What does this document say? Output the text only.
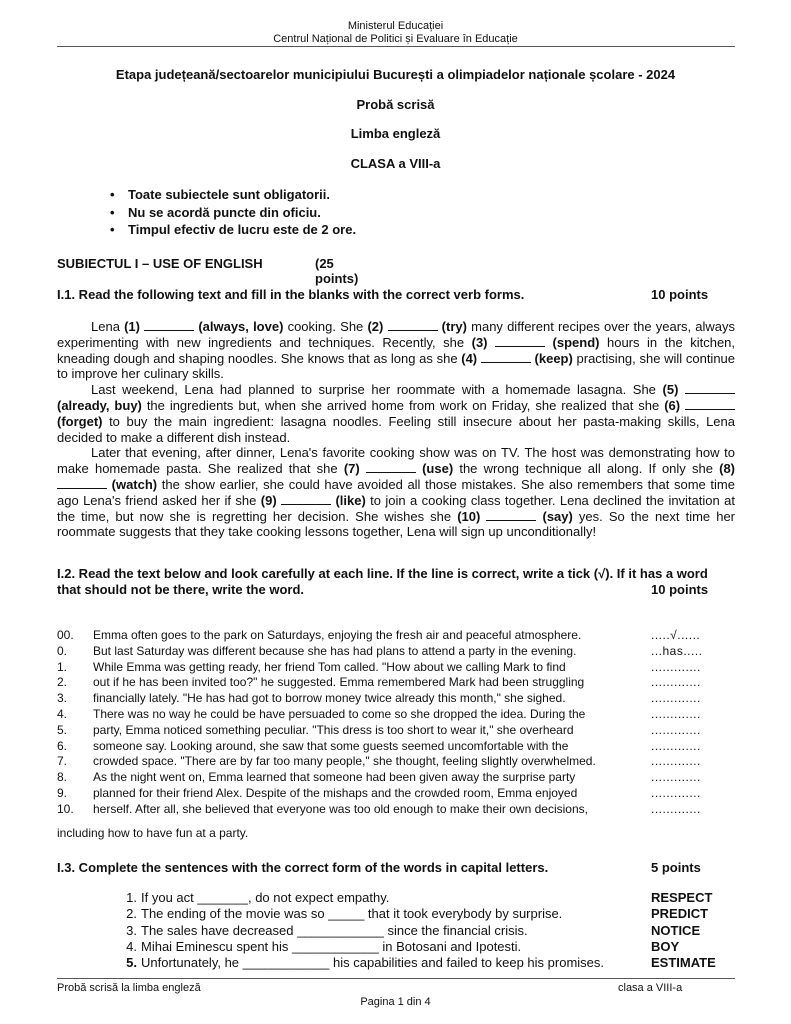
Ministerul Educației
Centrul Național de Politici și Evaluare în Educație
Etapa județeană/sectoarelor municipiului București a olimpiadelor naționale școlare - 2024
Probă scrisă
Limba engleză
CLASA a VIII-a
• Toate subiectele sunt obligatorii.
• Nu se acordă puncte din oficiu.
• Timpul efectiv de lucru este de 2 ore.
SUBIECTUL I – USE OF ENGLISH	(25 points)
I.1. Read the following text and fill in the blanks with the correct verb forms.	10 points

Lena (1)	(always, love) cooking. She (2)	(try) many different recipes over the years, always experimenting with new ingredients and techniques. Recently, she (3)	(spend) hours in the kitchen, kneading dough and shaping noodles. She knows that as long as she (4)	(keep) practising, she will continue to improve her culinary skills.

Last weekend, Lena had planned to surprise her roommate with a homemade lasagna. She (5)  (already, buy) the ingredients but, when she arrived home from work on Friday, she realized that she (6)  (forget) to buy the main ingredient: lasagna noodles. Feeling still insecure about her pasta-making skills, Lena decided to make a different dish instead.

Later that evening, after dinner, Lena's favorite cooking show was on TV. The host was demonstrating how to make homemade pasta. She realized that she (7)	(use) the wrong technique all along. If only she (8)  (watch) the show earlier, she could have avoided all those mistakes. She also remembers that some time ago Lena's friend asked her if she (9)	(like) to join a cooking class together. Lena declined the invitation at the time, but now she is regretting her decision. She wishes she (10)	(say) yes. So the next time her roommate suggests that they take cooking lessons together, Lena will sign up unconditionally!

I.2. Read the text below and look carefully at each line. If the line is correct, write a tick (√). If it has a word that should not be there, write the word.	10 points
00. Emma often goes to the park on Saturdays, enjoying the fresh air and peaceful atmosphere.	.....√......
0. But last Saturday was different because she has had plans to attend a party in the evening.	...has.....
1. While Emma was getting ready, her friend Tom called. "How about we calling Mark to find	.............
2. out if he has been invited too?" he suggested. Emma remembered Mark had been struggling	.............
3. financially lately. "He has had got to borrow money twice already this month," she sighed.	.............
4. There was no way he could be have persuaded to come so she dropped the idea. During the	.............
5. party, Emma noticed something peculiar. "This dress is too short to wear it," she overheard	.............
6. someone say. Looking around, she saw that some guests seemed uncomfortable with the	.............
7. crowded space. "There are by far too many people," she thought, feeling slightly overwhelmed.	.............
8. As the night went on, Emma learned that someone had been given away the surprise party	.............
9. planned for their friend Alex. Despite of the mishaps and the crowded room, Emma enjoyed	.............
10. herself. After all, she believed that everyone was too old enough to make their own decisions,	.............
including how to have fun at a party.
I.3. Complete the sentences with the correct form of the words in capital letters.	5 points
1. If you act _______, do not expect empathy.	RESPECT
2. The ending of the movie was so _____ that it took everybody by surprise.	PREDICT
3. The sales have decreased ____________ since the financial crisis.	NOTICE
4. Mihai Eminescu spent his ____________ in Botosani and Ipotesti.	BOY
5. Unfortunately, he ____________ his capabilities and failed to keep his promises.	ESTIMATE
Probă scrisă la limba engleză	clasa a VIII-a
Pagina 1 din 4
